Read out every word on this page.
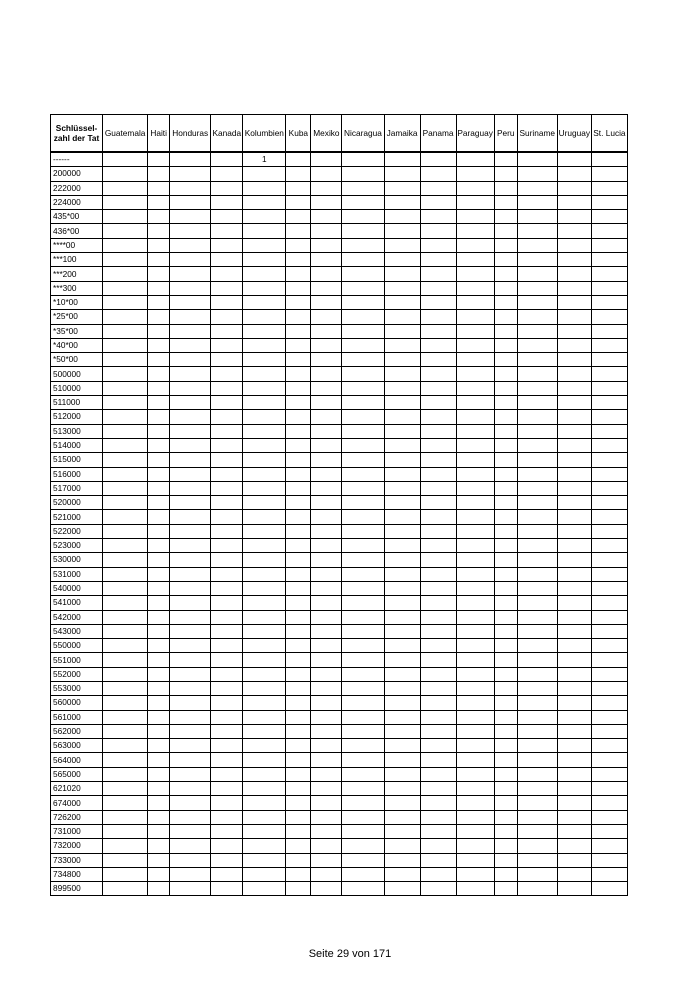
Schlüssel-zahl der Tat	Guatemala	Haiti	Honduras	Kanada	Kolumbien	Kuba	Mexiko	Nicaragua	Jamaika	Panama	Paraguay	Peru	Suriname	Uruguay	St. Lucia
------					1										
200000															
222000															
224000															
435*00															
436*00															
****00															
***100															
***200															
***300															
*10*00															
*25*00															
*35*00															
*40*00															
*50*00															
500000															
510000															
511000															
512000															
513000															
514000															
515000															
516000															
517000															
520000															
521000															
522000															
523000															
530000															
531000															
540000															
541000															
542000															
543000															
550000															
551000															
552000															
553000															
560000															
561000															
562000															
563000															
564000															
565000															
621020															
674000															
726200															
731000															
732000															
733000															
734800															
899500															
Seite 29 von 171
